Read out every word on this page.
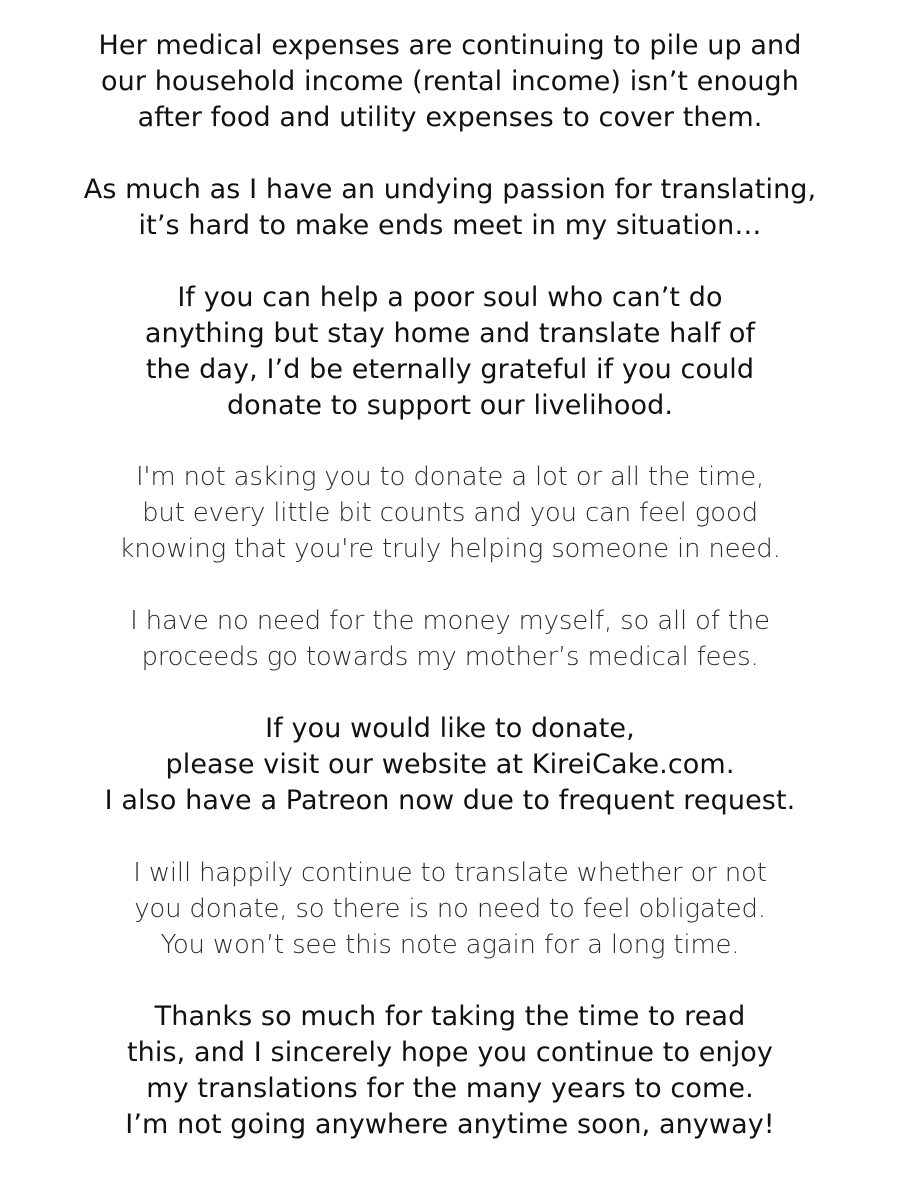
Her medical expenses are continuing to pile up and
our household income (rental income) isn’t enough
after food and utility expenses to cover them.

As much as I have an undying passion for translating,
it’s hard to make ends meet in my situation…

If you can help a poor soul who can’t do
anything but stay home and translate half of
the day, I’d be eternally grateful if you could
donate to support our livelihood.

I'm not asking you to donate a lot or all the time,
but every little bit counts and you can feel good
knowing that you're truly helping someone in need.

I have no need for the money myself, so all of the
proceeds go towards my mother’s medical fees.

If you would like to donate,
please visit our website at KireiCake.com.
I also have a Patreon now due to frequent request.

I will happily continue to translate whether or not
you donate, so there is no need to feel obligated.
You won’t see this note again for a long time.

Thanks so much for taking the time to read
this, and I sincerely hope you continue to enjoy
my translations for the many years to come.
I’m not going anywhere anytime soon, anyway!
